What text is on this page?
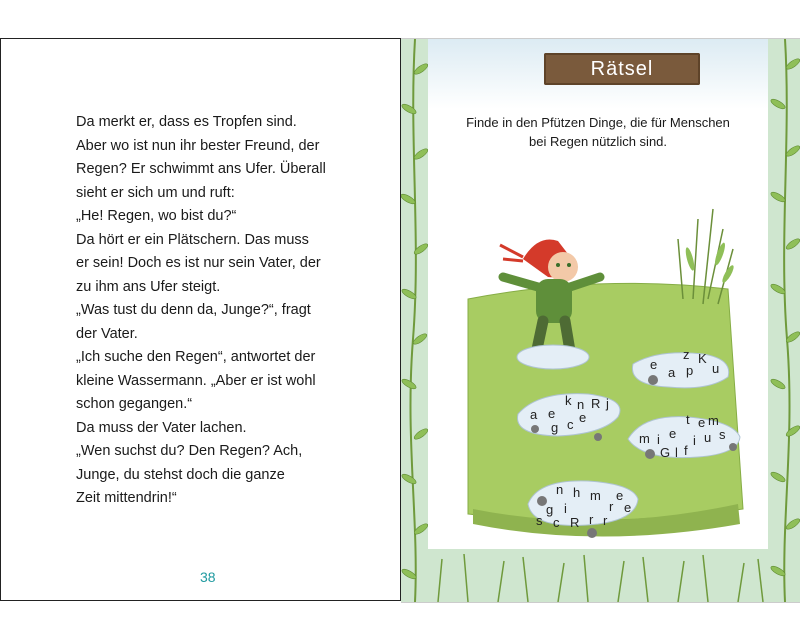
Da merkt er, dass es Tropfen sind.
Aber wo ist nun ihr bester Freund, der
Regen? Er schwimmt ans Ufer. Überall
sieht er sich um und ruft:
„He! Regen, wo bist du?“
Da hört er ein Plätschern. Das muss
er sein! Doch es ist nur sein Vater, der
zu ihm ans Ufer steigt.
„Was tust du denn da, Junge?“, fragt
der Vater.
„Ich suche den Regen“, antwortet der
kleine Wassermann. „Aber er ist wohl
schon gegangen.“
Da muss der Vater lachen.
„Wen suchst du? Den Regen? Ach,
Junge, du stehst doch die ganze
Zeit mittendrin!“
38
Rätsel

Finde in den Pfützen Dinge, die für Menschen
bei Regen nützlich sind.

e
z
a p
K
u
k n R j
a e
g c e	t e m
m i e i u s
G l f
n h m
g i	r
e
e
s c R r r
